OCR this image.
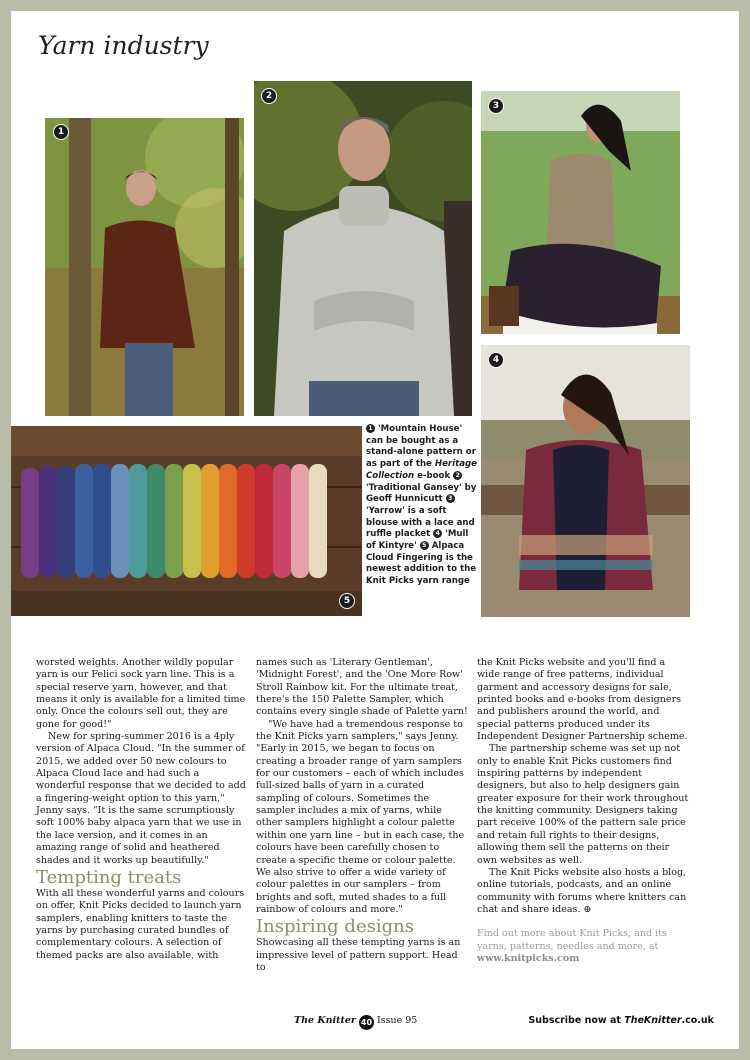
Yarn industry
1
2
3
4
5

1 'Mountain House' can be bought as a stand-alone pattern or as part of the Heritage Collection e-book 2 'Traditional Gansey' by Geoff Hunnicutt 3 'Yarrow' is a soft blouse with a lace and ruffle placket 4 'Mull of Kintyre' 5 Alpaca Cloud Fingering is the newest addition to the Knit Picks yarn range

worsted weights. Another wildly popular yarn is our Felici sock yarn line. This is a special reserve yarn, however, and that means it only is available for a limited time only. Once the colours sell out, they are gone for good!"

New for spring-summer 2016 is a 4ply version of Alpaca Cloud. "In the summer of 2015, we added over 50 new colours to Alpaca Cloud lace and had such a wonderful response that we decided to add a fingering-weight option to this yarn," Jenny says. "It is the same scrumptiously soft 100% baby alpaca yarn that we use in the lace version, and it comes in an amazing range of solid and heathered shades and it works up beautifully."

Tempting treats

With all these wonderful yarns and colours on offer, Knit Picks decided to launch yarn samplers, enabling knitters to taste the yarns by purchasing curated bundles of complementary colours. A selection of themed packs are also available, with

names such as 'Literary Gentleman', 'Midnight Forest', and the 'One More Row' Stroll Rainbow kit. For the ultimate treat, there's the 150 Palette Sampler, which contains every single shade of Palette yarn!

"We have had a tremendous response to the Knit Picks yarn samplers," says Jenny. "Early in 2015, we began to focus on creating a broader range of yarn samplers for our customers – each of which includes full-sized balls of yarn in a curated sampling of colours. Sometimes the sampler includes a mix of yarns, while other samplers highlight a colour palette within one yarn line – but in each case, the colours have been carefully chosen to create a specific theme or colour palette. We also strive to offer a wide variety of colour palettes in our samplers – from brights and soft, muted shades to a full rainbow of colours and more."

Inspiring designs

Showcasing all these tempting yarns is an impressive level of pattern support. Head to

the Knit Picks website and you'll find a wide range of free patterns, individual garment and accessory designs for sale, printed books and e-books from designers and publishers around the world, and special patterns produced under its Independent Designer Partnership scheme.

The partnership scheme was set up not only to enable Knit Picks customers find inspiring patterns by independent designers, but also to help designers gain greater exposure for their work throughout the knitting community. Designers taking part receive 100% of the pattern sale price and retain full rights to their designs, allowing them sell the patterns on their own websites as well.

The Knit Picks website also hosts a blog, online tutorials, podcasts, and an online community with forums where knitters can chat and share ideas. ⊕

Find out more about Knit Picks, and its yarns, patterns, needles and more, at www.knitpicks.com

The Knitter 40 Issue 95	Subscribe now at TheKnitter.co.uk
